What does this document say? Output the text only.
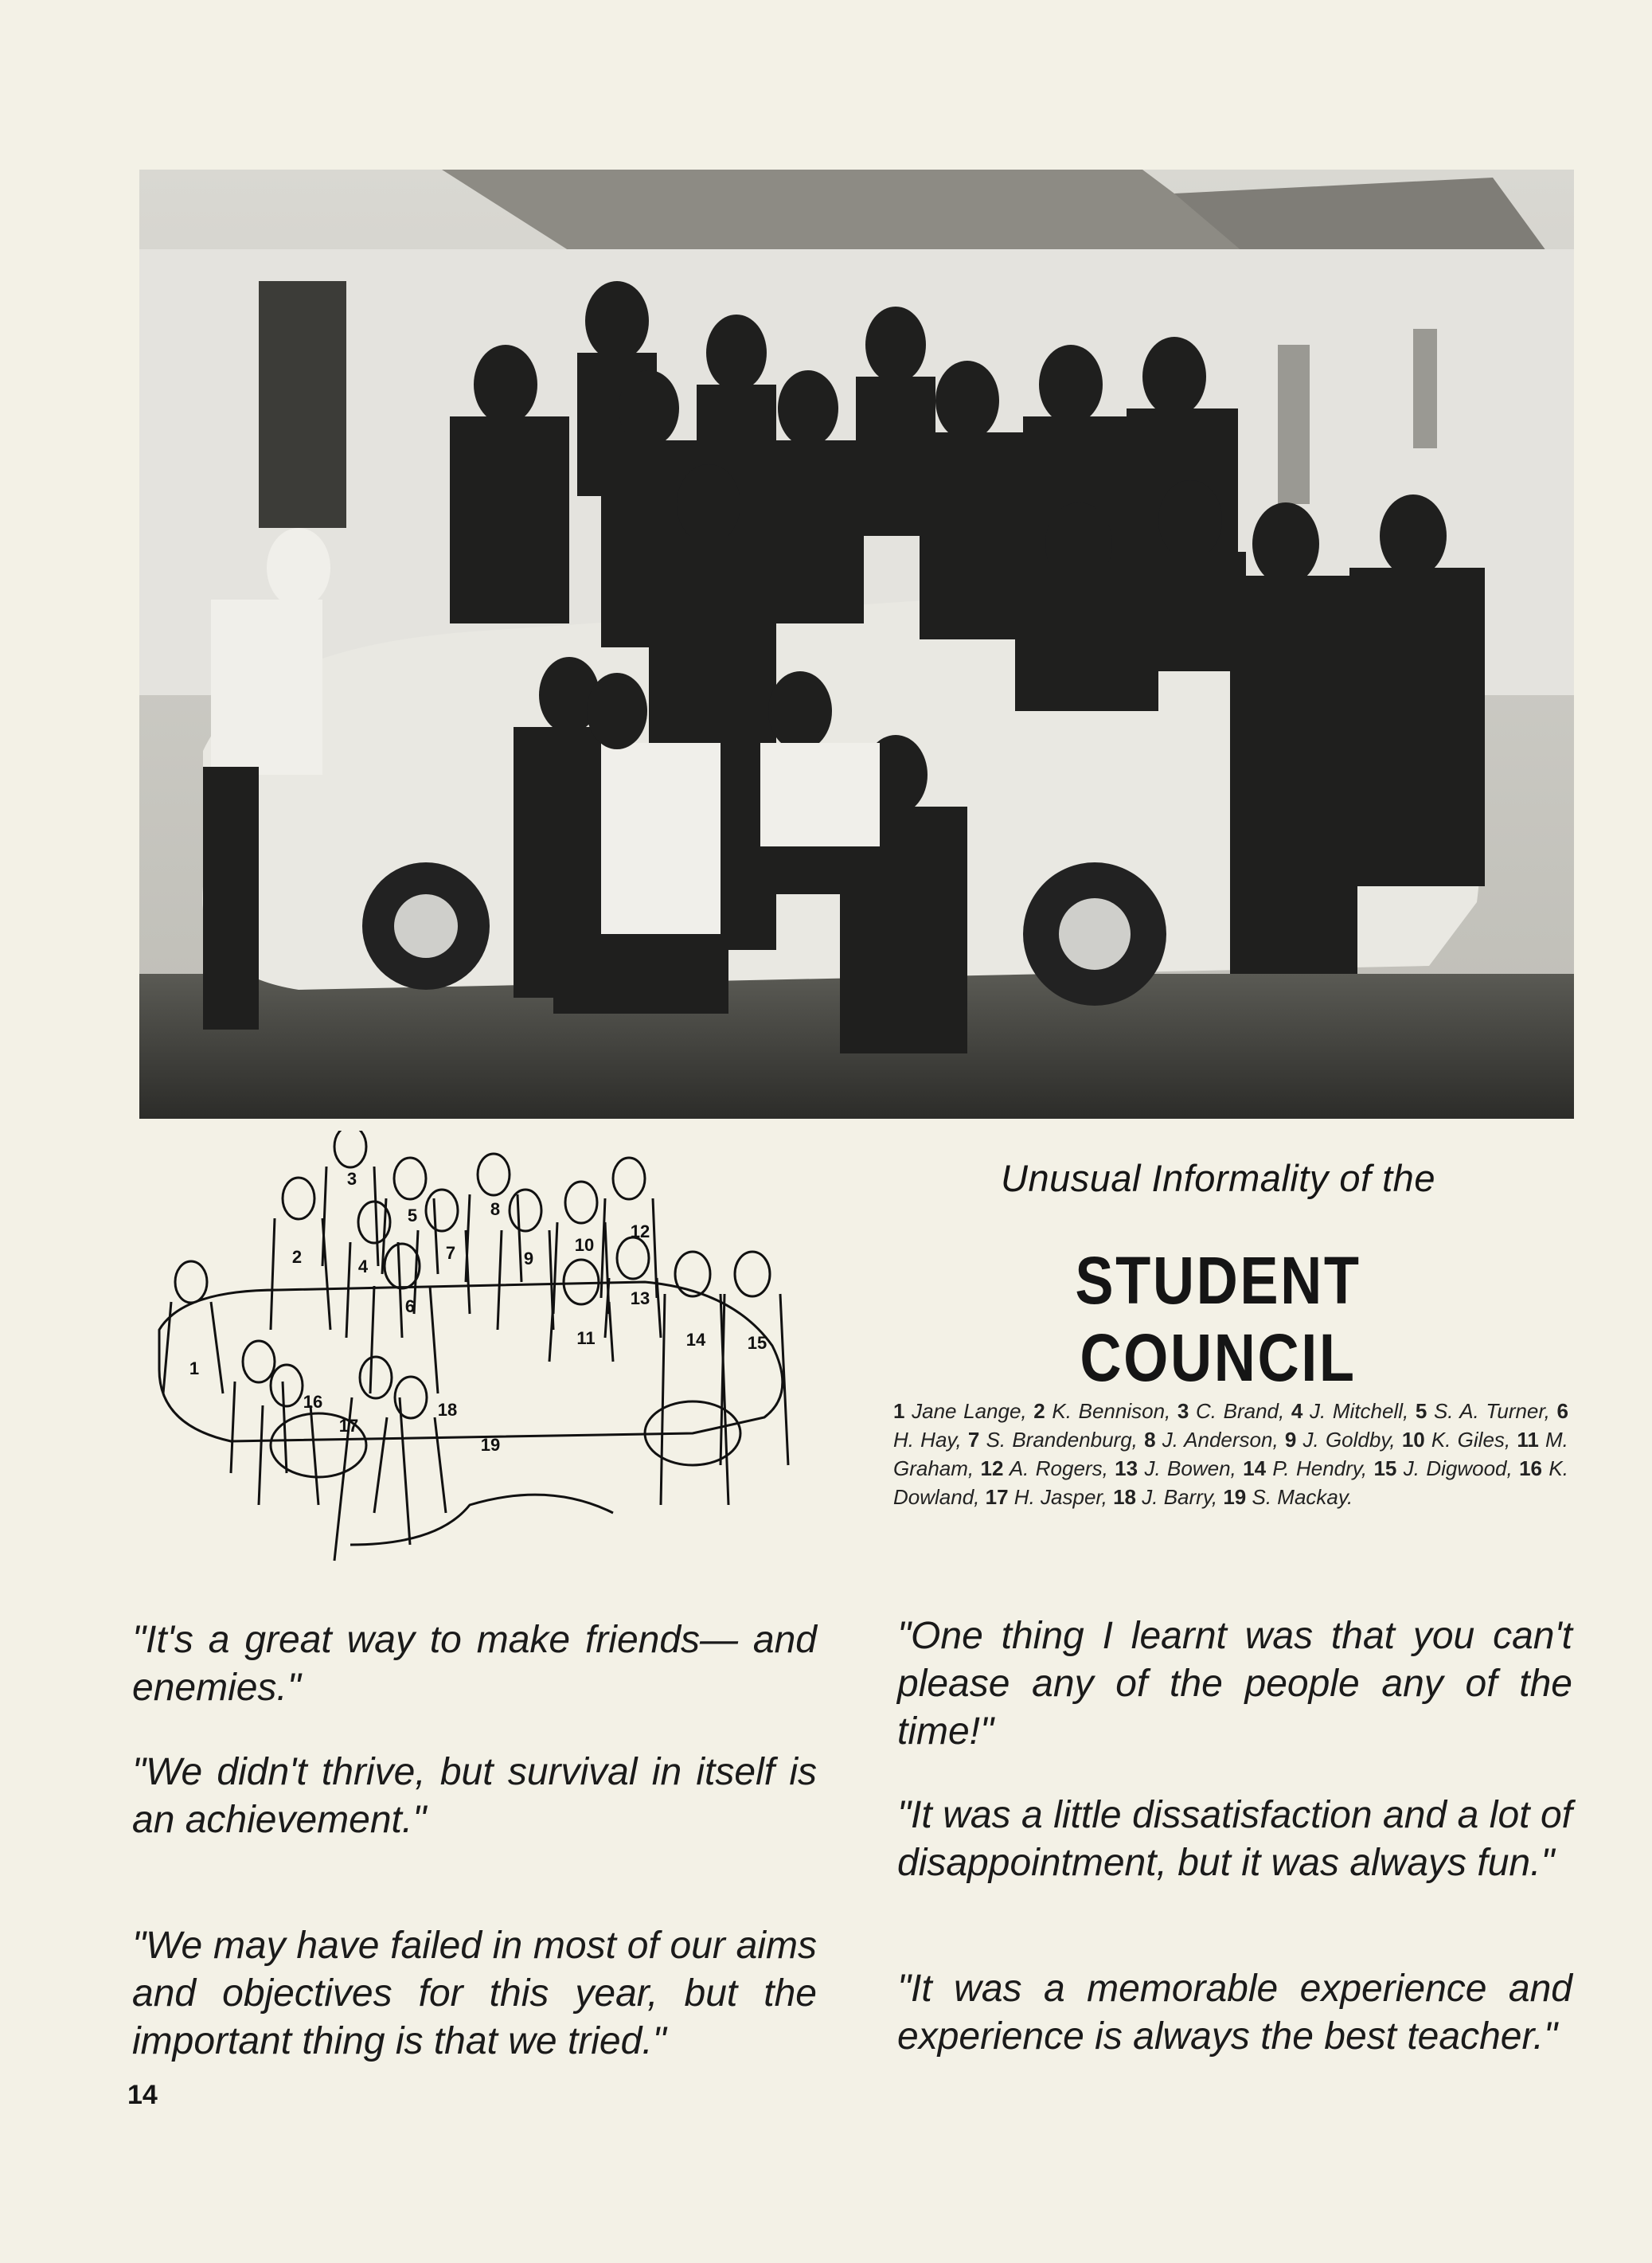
1
2
3
4
5
6
7
8
9
10
11
12
13
14 15
16
17
18
19
Unusual Informality of the
STUDENT COUNCIL

1 Jane Lange, 2 K. Bennison, 3 C. Brand, 4 J. Mitchell, 5 S. A. Turner, 6 H. Hay, 7 S. Brandenburg, 8 J. Anderson, 9 J. Goldby, 10 K. Giles, 11 M. Graham, 12 A. Rogers, 13 J. Bowen, 14 P. Hendry, 15 J. Digwood, 16 K. Dowland, 17 H. Jasper, 18 J. Barry, 19 S. Mackay.

"It's a great way to make friends— and enemies."

"We didn't thrive, but survival in itself is an achievement."

"We may have failed in most of our aims and objectives for this year, but the important thing is that we tried."

"One thing I learnt was that you can't please any of the people any of the time!"

"It was a little dissatisfaction and a lot of disappointment, but it was always fun."

"It was a memorable experience and experience is always the best teacher."

14
